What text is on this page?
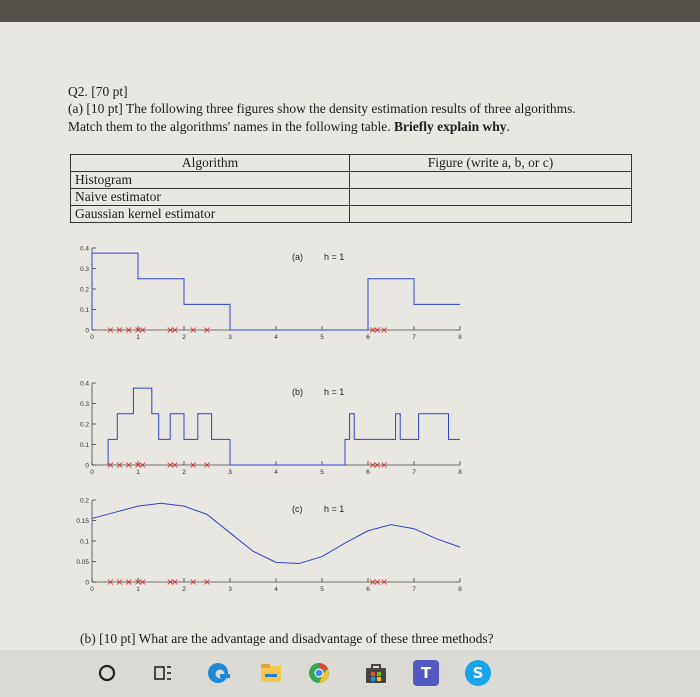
Q2. [70 pt]
(a) [10 pt] The following three figures show the density estimation results of three algorithms.
Match them to the algorithms' names in the following table. Briefly explain why.
Algorithm	Figure (write a, b, or c)
Histogram	
Naive estimator	
Gaussian kernel estimator	
0
0.1
0.2
0.3
0.4
0	1	2	3	4	5	6	7	8
(a) h = 1
0
0.1
0.2
0.3
0.4
0	1	2	3	4	5	6	7	8
(b) h = 1
0
0.05
0.1
0.15
0.2
0	1	2	3	4	5	6	7	8
(c) h = 1
(b) [10 pt] What are the advantage and disadvantage of these three methods?
T	S
